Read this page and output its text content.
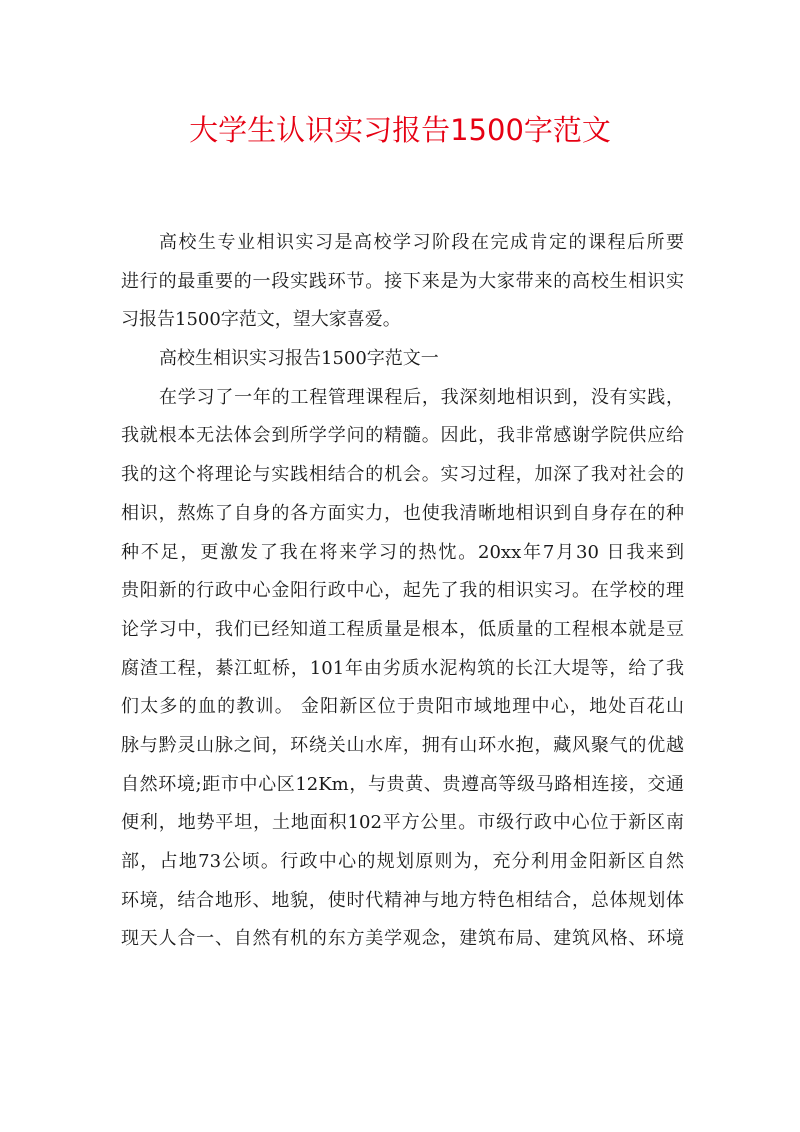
大学生认识实习报告1500字范文
高校生专业相识实习是高校学习阶段在完成肯定的课程后所要
进行的最重要的一段实践环节。接下来是为大家带来的高校生相识实
习报告1500字范文，望大家喜爱。
高校生相识实习报告1500字范文一
在学习了一年的工程管理课程后，我深刻地相识到，没有实践，
我就根本无法体会到所学学问的精髓。因此，我非常感谢学院供应给
我的这个将理论与实践相结合的机会。实习过程，加深了我对社会的
相识，熬炼了自身的各方面实力，也使我清晰地相识到自身存在的种
种不足，更激发了我在将来学习的热忱。20xx年7月30 日我来到
贵阳新的行政中心金阳行政中心，起先了我的相识实习。在学校的理
论学习中，我们已经知道工程质量是根本，低质量的工程根本就是豆
腐渣工程，綦江虹桥，101年由劣质水泥构筑的长江大堤等，给了我
们太多的血的教训。 金阳新区位于贵阳市域地理中心，地处百花山
脉与黔灵山脉之间，环绕关山水库，拥有山环水抱，藏风聚气的优越
自然环境;距市中心区12Km，与贵黄、贵遵高等级马路相连接，交通
便利，地势平坦，土地面积102平方公里。市级行政中心位于新区南
部，占地73公顷。行政中心的规划原则为，充分利用金阳新区自然
环境，结合地形、地貌，使时代精神与地方特色相结合，总体规划体
现天人合一、自然有机的东方美学观念，建筑布局、建筑风格、环境
